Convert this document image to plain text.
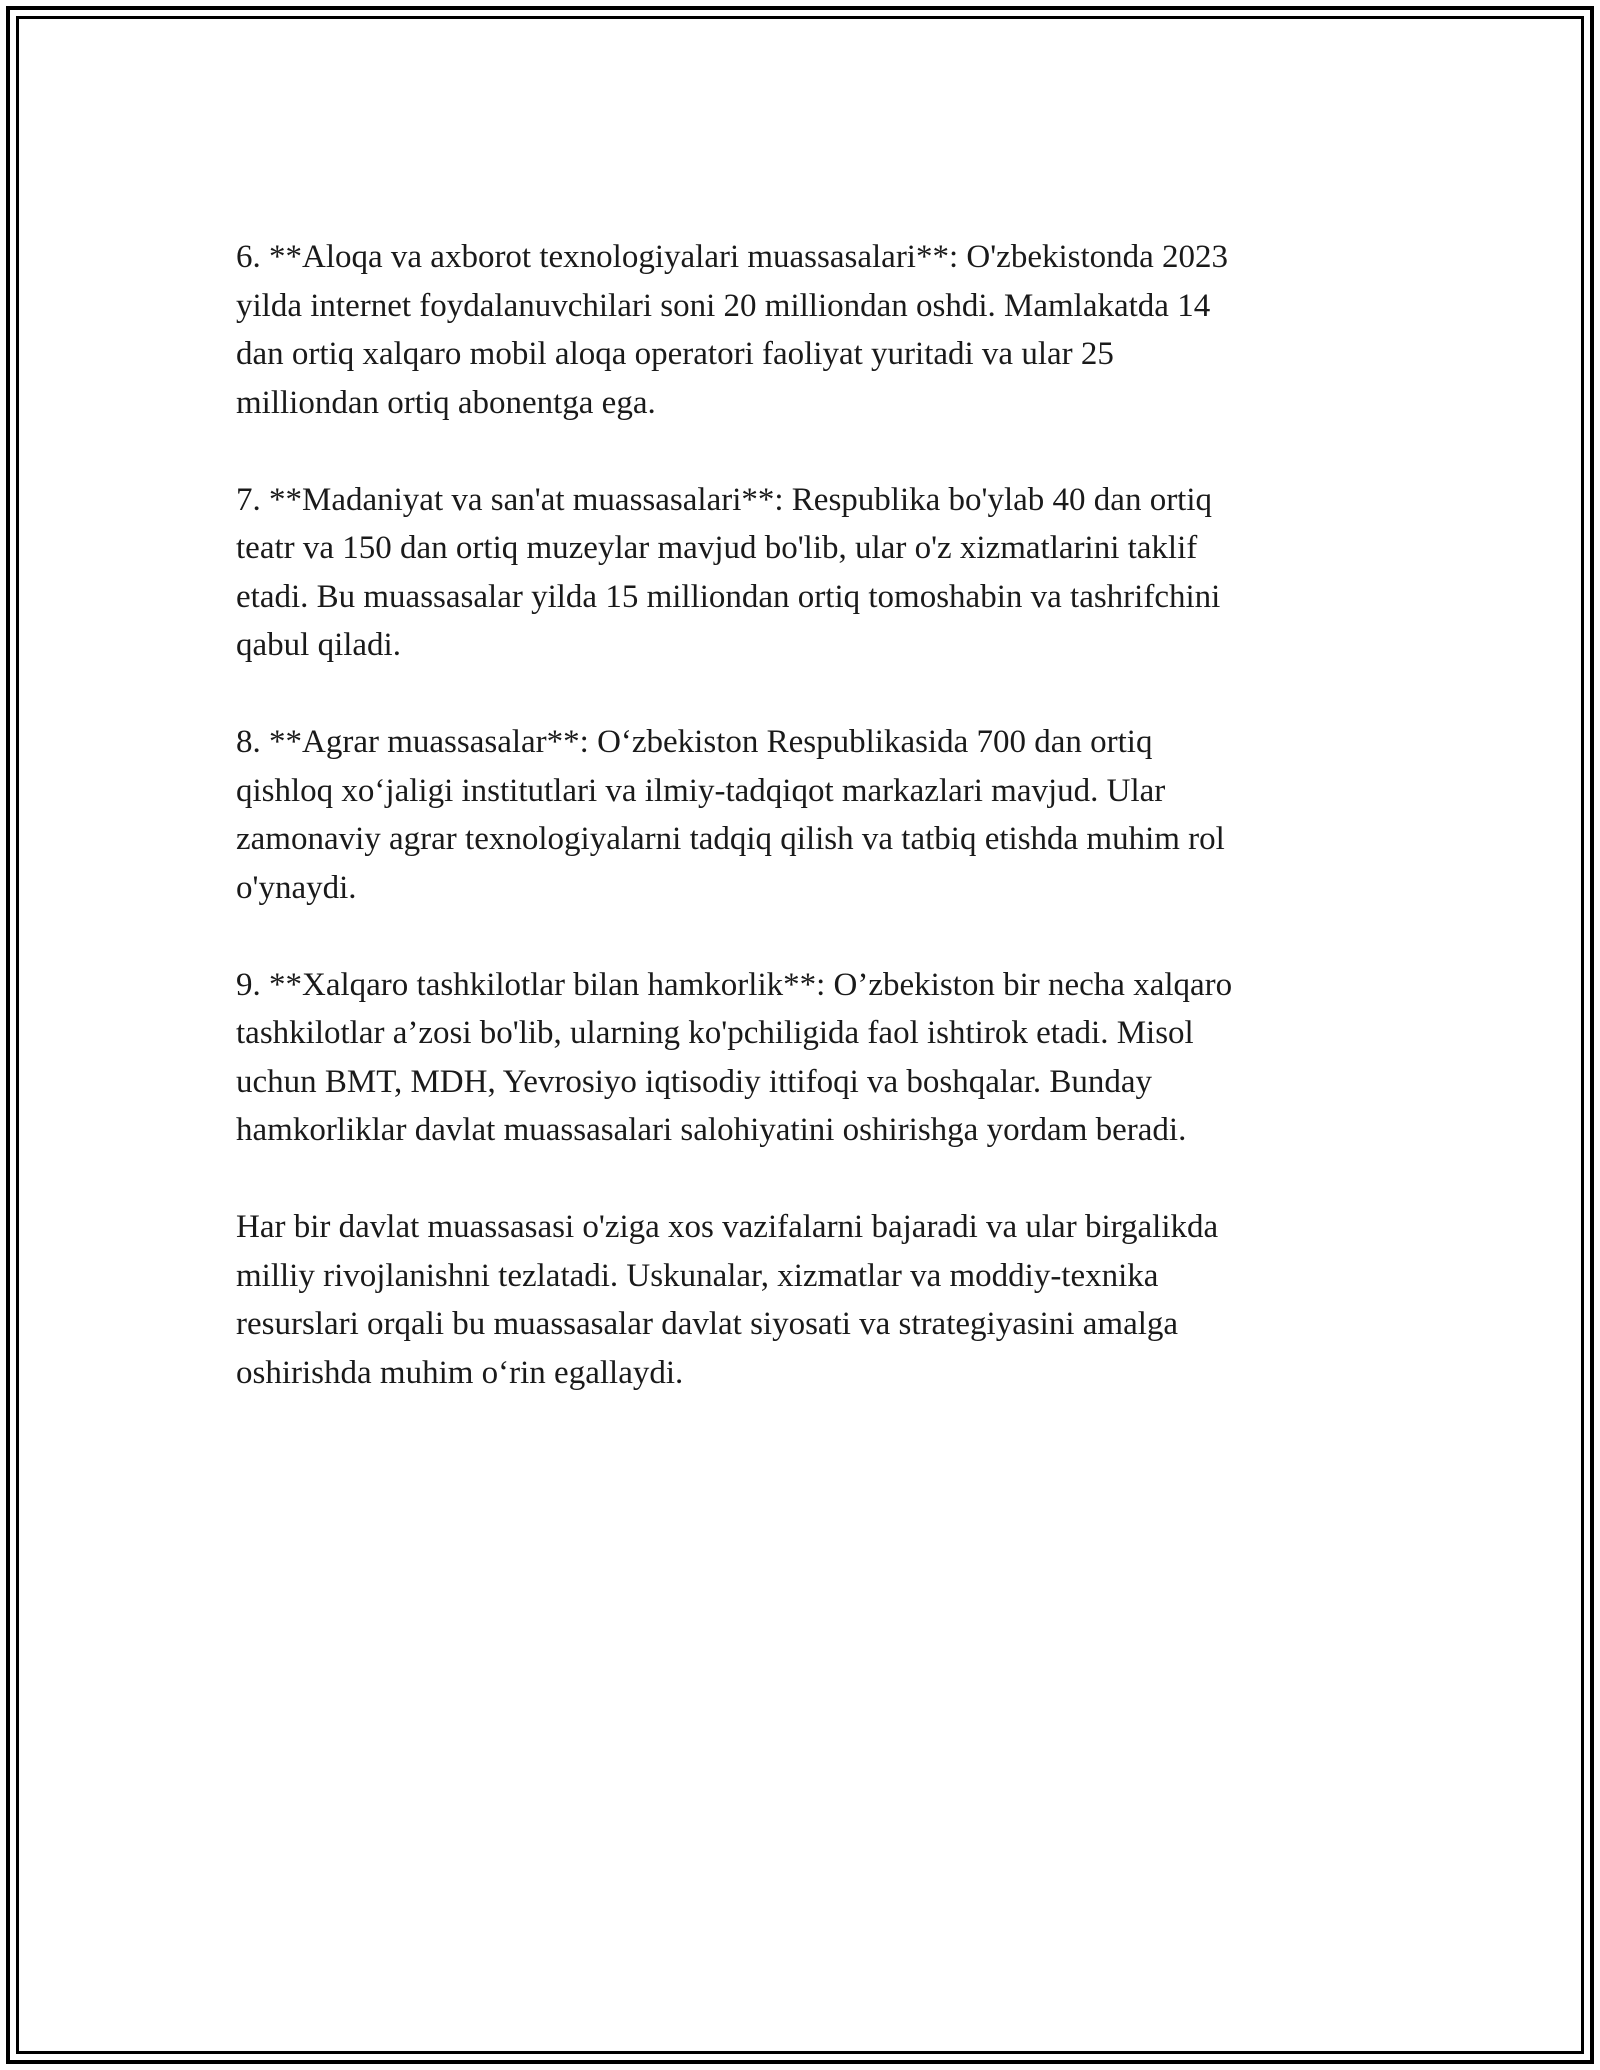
6. **Aloqa va axborot texnologiyalari muassasalari**: O'zbekistonda 2023
yilda internet foydalanuvchilari soni 20 milliondan oshdi. Mamlakatda 14
dan ortiq xalqaro mobil aloqa operatori faoliyat yuritadi va ular 25
milliondan ortiq abonentga ega.

7. **Madaniyat va san'at muassasalari**: Respublika bo'ylab 40 dan ortiq
teatr va 150 dan ortiq muzeylar mavjud bo'lib, ular o'z xizmatlarini taklif
etadi. Bu muassasalar yilda 15 milliondan ortiq tomoshabin va tashrifchini
qabul qiladi.

8. **Agrar muassasalar**: O‘zbekiston Respublikasida 700 dan ortiq
qishloq xo‘jaligi institutlari va ilmiy-tadqiqot markazlari mavjud. Ular
zamonaviy agrar texnologiyalarni tadqiq qilish va tatbiq etishda muhim rol
o'ynaydi.

9. **Xalqaro tashkilotlar bilan hamkorlik**: O’zbekiston bir necha xalqaro
tashkilotlar a’zosi bo'lib, ularning ko'pchiligida faol ishtirok etadi. Misol
uchun BMT, MDH, Yevrosiyo iqtisodiy ittifoqi va boshqalar. Bunday
hamkorliklar davlat muassasalari salohiyatini oshirishga yordam beradi.

Har bir davlat muassasasi o'ziga xos vazifalarni bajaradi va ular birgalikda
milliy rivojlanishni tezlatadi. Uskunalar, xizmatlar va moddiy-texnika
resurslari orqali bu muassasalar davlat siyosati va strategiyasini amalga
oshirishda muhim o‘rin egallaydi.
